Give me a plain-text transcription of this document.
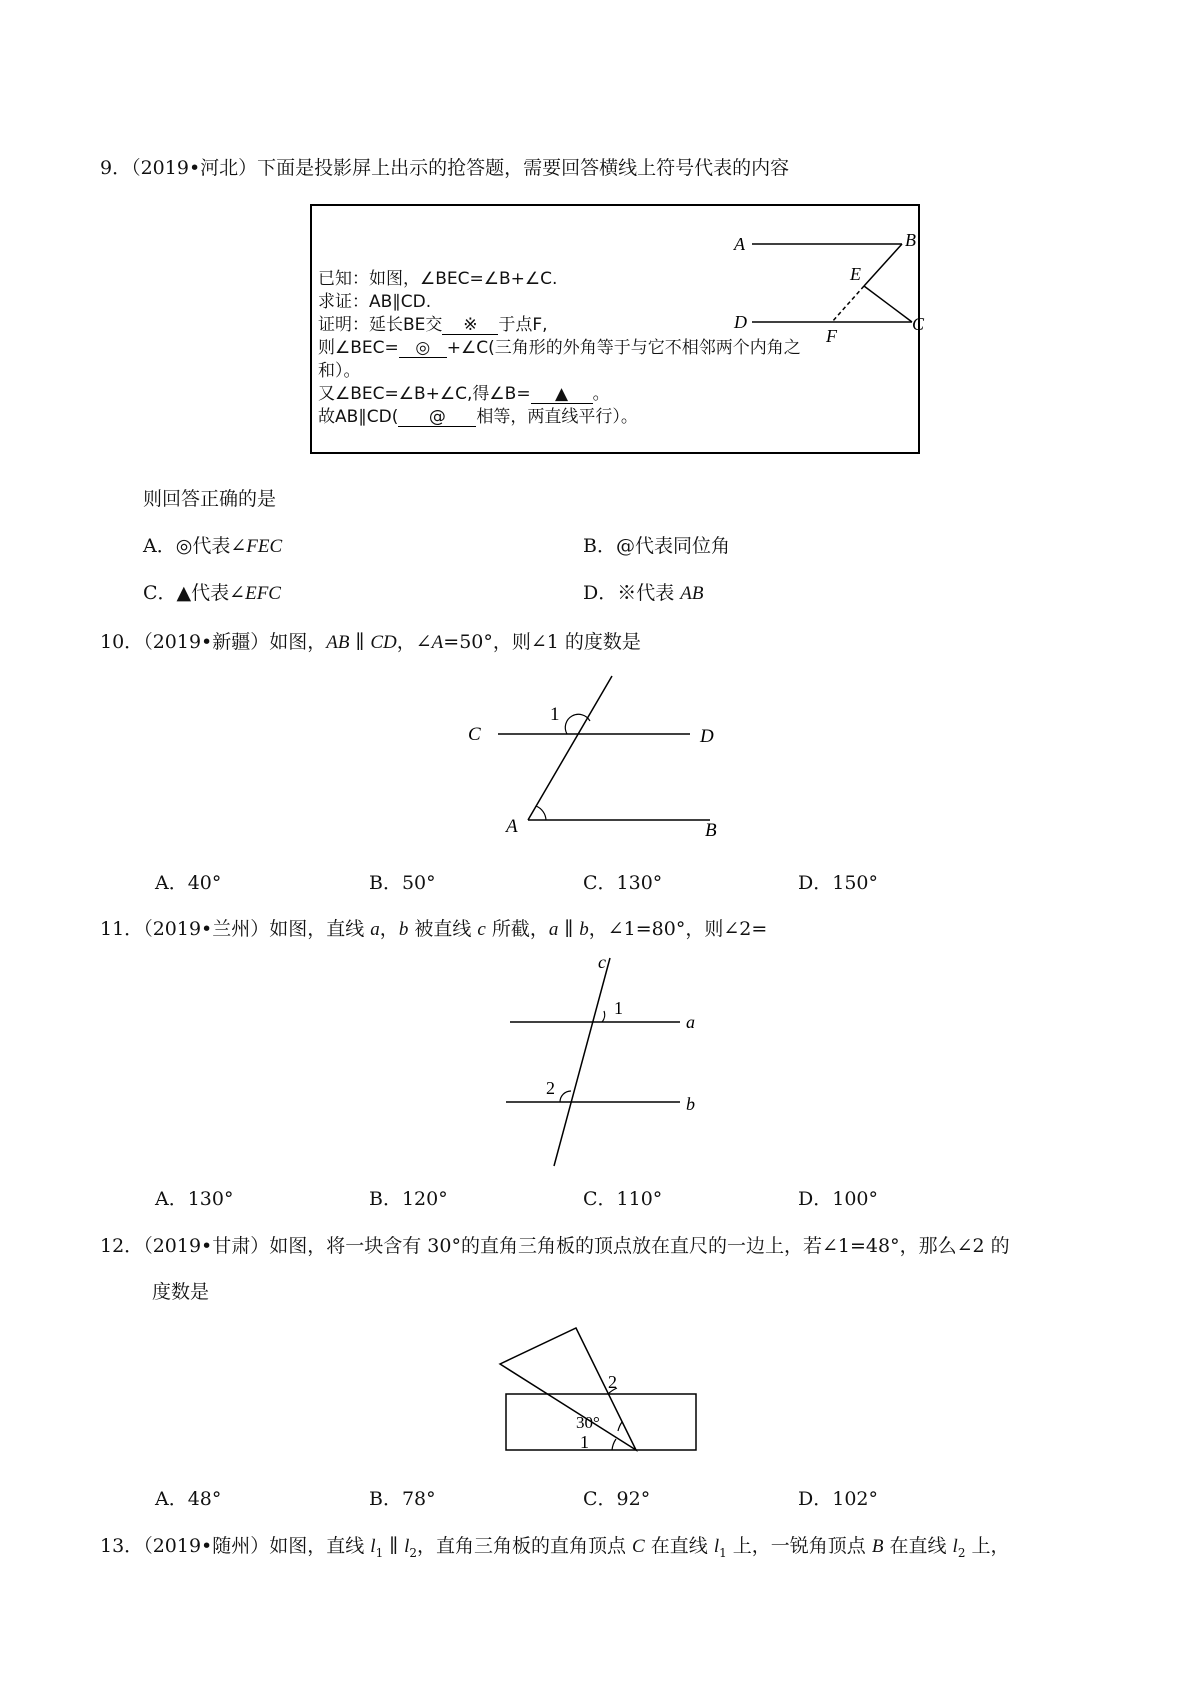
9．（2019•河北）下面是投影屏上出示的抢答题，需要回答横线上符号代表的内容
已知：如图，∠BEC=∠B+∠C.
求证：AB∥CD.
证明：延长BE交 ※ 于点F,
则∠BEC= ◎ +∠C(三角形的外角等于与它不相邻两个内角之
和）。
又∠BEC=∠B+∠C,得∠B= ▲ 。
故AB∥CD( @ 相等，两直线平行）。
A	B
E
D
F
C
则回答正确的是
A．◎代表∠FEC	B．@代表同位角
C．▲代表∠EFC	D．※代表 AB
10．（2019•新疆）如图，AB ∥ CD，∠A=50°，则∠1 的度数是
1
C	D
A	B
A．40°	B．50°	C．130°	D．150°
11．（2019•兰州）如图，直线 a，b 被直线 c 所截，a ∥ b，∠1=80°，则∠2=
c
1
a
2
b
A．130°	B．120°	C．110°	D．100°
12．（2019•甘肃）如图，将一块含有 30°的直角三角板的顶点放在直尺的一边上，若∠1=48°，那么∠2 的
度数是
2
30°
1
A．48°	B．78°	C．92°	D．102°
13．（2019•随州）如图，直线 $l_1$ ∥ $l_2$，直角三角板的直角顶点 C 在直线 $l_1$ 上，一锐角顶点 B 在直线 $l_2$ 上，
